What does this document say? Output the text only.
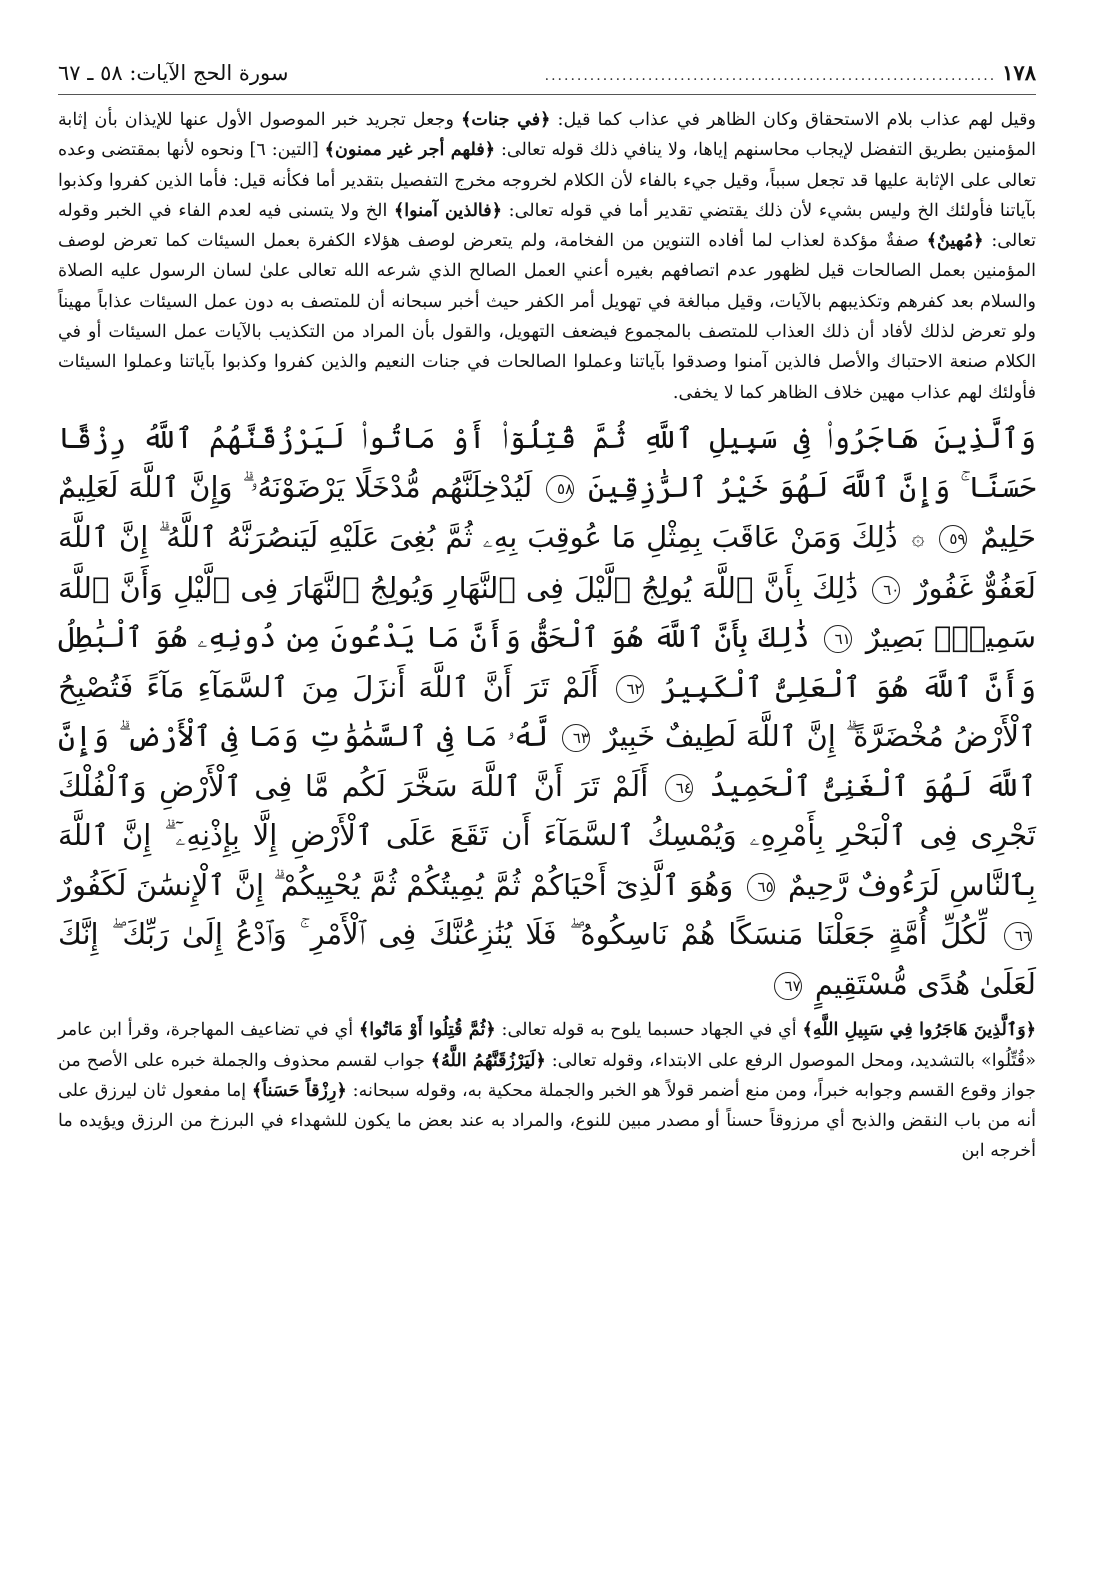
١٧٨
......................................................................
سورة الحج الآيات: ٥٨ ـ ٦٧

وقيل لهم عذاب بلام الاستحقاق وكان الظاهر في عذاب كما قيل: ﴿في جنات﴾ وجعل تجريد خبر الموصول الأول عنها للإيذان بأن إثابة المؤمنين بطريق التفضل لإيجاب محاسنهم إياها، ولا ينافي ذلك قوله تعالى: ﴿فلهم أجر غير ممنون﴾ [التين: ٦] ونحوه لأنها بمقتضى وعده تعالى على الإثابة عليها قد تجعل سبباً، وقيل جيء بالفاء لأن الكلام لخروجه مخرج التفصيل بتقدير أما فكأنه قيل: فأما الذين كفروا وكذبوا بآياتنا فأولئك الخ وليس بشيء لأن ذلك يقتضي تقدير أما في قوله تعالى: ﴿فالذين آمنوا﴾ الخ ولا يتسنى فيه لعدم الفاء في الخبر وقوله تعالى: ﴿مُهينٌ﴾ صفةٌ مؤكدة لعذاب لما أفاده التنوين من الفخامة، ولم يتعرض لوصف هؤلاء الكفرة بعمل السيئات كما تعرض لوصف المؤمنين بعمل الصالحات قيل لظهور عدم اتصافهم بغيره أعني العمل الصالح الذي شرعه الله تعالى علىٰ لسان الرسول عليه الصلاة والسلام بعد كفرهم وتكذيبهم بالآيات، وقيل مبالغة في تهويل أمر الكفر حيث أخبر سبحانه أن للمتصف به دون عمل السيئات عذاباً مهيناً ولو تعرض لذلك لأفاد أن ذلك العذاب للمتصف بالمجموع فيضعف التهويل، والقول بأن المراد من التكذيب بالآيات عمل السيئات أو في الكلام صنعة الاحتباك والأصل فالذين آمنوا وصدقوا بآياتنا وعملوا الصالحات في جنات النعيم والذين كفروا وكذبوا بآياتنا وعملوا السيئات فأولئك لهم عذاب مهين خلاف الظاهر كما لا يخفى.

وَٱلَّذِينَ هَاجَرُوا۟ فِى سَبِيلِ ٱللَّهِ ثُمَّ قُتِلُوٓا۟ أَوْ مَاتُوا۟ لَيَرْزُقَنَّهُمُ ٱللَّهُ رِزْقًا حَسَنًا ۚ وَإِنَّ ٱللَّهَ لَهُوَ خَيْرُ ٱلرَّٰزِقِينَ ٥٨ لَيُدْخِلَنَّهُم مُّدْخَلًا يَرْضَوْنَهُۥ ۗ وَإِنَّ ٱللَّهَ لَعَلِيمٌ حَلِيمٌ ٥٩ ۞ ذَٰلِكَ وَمَنْ عَاقَبَ بِمِثْلِ مَا عُوقِبَ بِهِۦ ثُمَّ بُغِىَ عَلَيْهِ لَيَنصُرَنَّهُ ٱللَّهُ ۗ إِنَّ ٱللَّهَ لَعَفُوٌّ غَفُورٌ ٦٠ ذَٰلِكَ بِأَنَّ ٱللَّهَ يُولِجُ ٱلَّيْلَ فِى ٱلنَّهَارِ وَيُولِجُ ٱلنَّهَارَ فِى ٱلَّيْلِ وَأَنَّ ٱللَّهَ سَمِيعٌۢ بَصِيرٌ ٦١ ذَٰلِكَ بِأَنَّ ٱللَّهَ هُوَ ٱلْحَقُّ وَأَنَّ مَا يَدْعُونَ مِن دُونِهِۦ هُوَ ٱلْبَٰطِلُ وَأَنَّ ٱللَّهَ هُوَ ٱلْعَلِىُّ ٱلْكَبِيرُ ٦٢ أَلَمْ تَرَ أَنَّ ٱللَّهَ أَنزَلَ مِنَ ٱلسَّمَآءِ مَآءً فَتُصْبِحُ ٱلْأَرْضُ مُخْضَرَّةً ۗ إِنَّ ٱللَّهَ لَطِيفٌ خَبِيرٌ ٦٣ لَّهُۥ مَا فِى ٱلسَّمَٰوَٰتِ وَمَا فِى ٱلْأَرْضِ ۗ وَإِنَّ ٱللَّهَ لَهُوَ ٱلْغَنِىُّ ٱلْحَمِيدُ ٦٤ أَلَمْ تَرَ أَنَّ ٱللَّهَ سَخَّرَ لَكُم مَّا فِى ٱلْأَرْضِ وَٱلْفُلْكَ تَجْرِى فِى ٱلْبَحْرِ بِأَمْرِهِۦ وَيُمْسِكُ ٱلسَّمَآءَ أَن تَقَعَ عَلَى ٱلْأَرْضِ إِلَّا بِإِذْنِهِۦٓ ۗ إِنَّ ٱللَّهَ بِٱلنَّاسِ لَرَءُوفٌ رَّحِيمٌ ٦٥ وَهُوَ ٱلَّذِىٓ أَحْيَاكُمْ ثُمَّ يُمِيتُكُمْ ثُمَّ يُحْيِيكُمْ ۗ إِنَّ ٱلْإِنسَٰنَ لَكَفُورٌ ٦٦ لِّكُلِّ أُمَّةٍ جَعَلْنَا مَنسَكًا هُمْ نَاسِكُوهُ ۖ فَلَا يُنَٰزِعُنَّكَ فِى ٱلْأَمْرِ ۚ وَٱدْعُ إِلَىٰ رَبِّكَ ۖ إِنَّكَ لَعَلَىٰ هُدًى مُّسْتَقِيمٍ ٦٧

﴿وَٱلَّذِينَ هَاجَرُوا فِي سَبِيلِ اللَّهِ﴾ أي في الجهاد حسبما يلوح به قوله تعالى: ﴿ثُمَّ قُتِلُوا أَوْ مَاتُوا﴾ أي في تضاعيف المهاجرة، وقرأ ابن عامر «قُتِّلُوا» بالتشديد، ومحل الموصول الرفع على الابتداء، وقوله تعالى: ﴿لَيَرْزُقَنَّهُمُ اللَّهُ﴾ جواب لقسم محذوف والجملة خبره على الأصح من جواز وقوع القسم وجوابه خبراً، ومن منع أضمر قولاً هو الخبر والجملة محكية به، وقوله سبحانه: ﴿رِزْقاً حَسَناً﴾ إما مفعول ثان ليرزق على أنه من باب النقض والذبح أي مرزوقاً حسناً أو مصدر مبين للنوع، والمراد به عند بعض ما يكون للشهداء في البرزخ من الرزق ويؤيده ما أخرجه ابن
